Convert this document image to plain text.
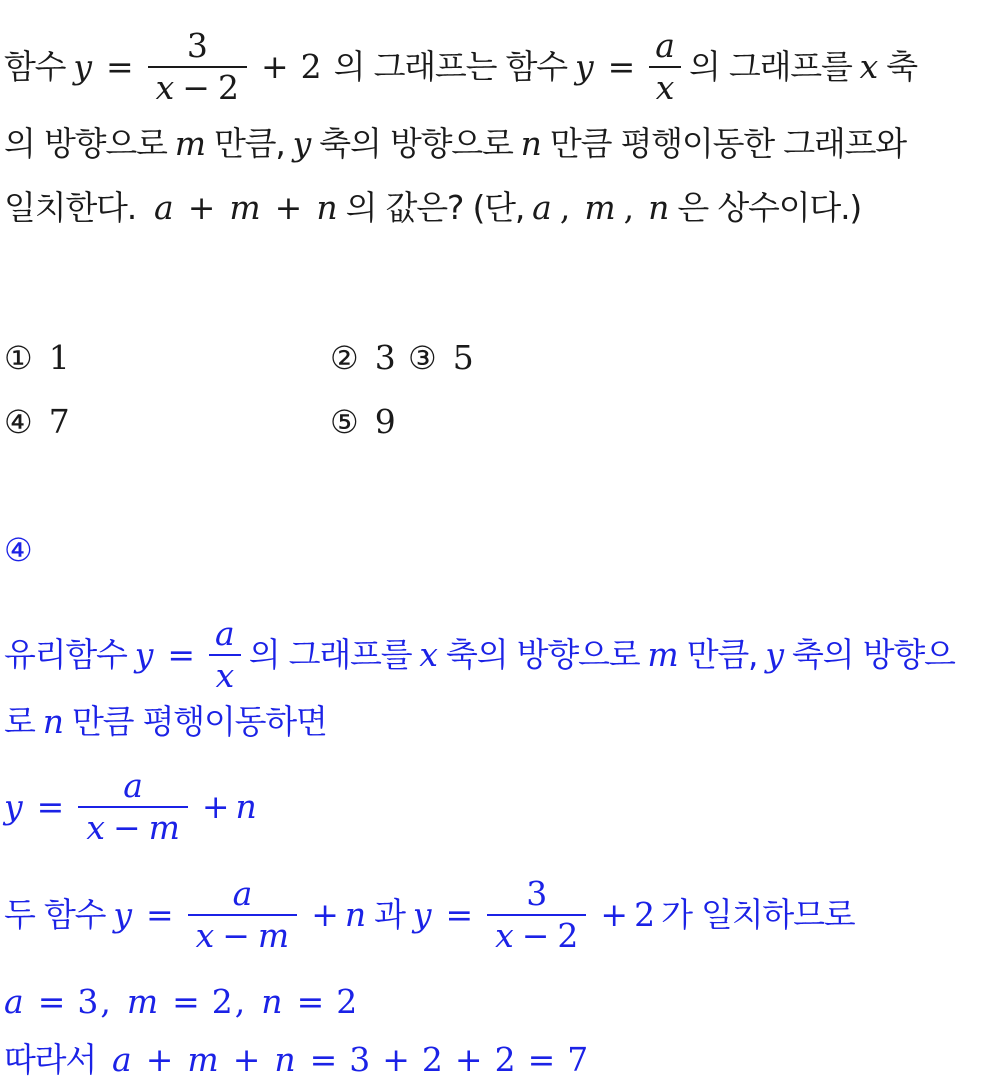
함수 $y = \frac{3}{x - 2} + 2$ 의 그래프는 함수 $y = \frac{a}{x}$ 의 그래프를 x 축
의 방향으로 m 만큼, y 축의 방향으로 n 만큼 평행이동한 그래프와
일치한다. a + m + n 의 값은? (단, a , m , n 은 상수이다.)
① 1	② 3 ③ 5
④ 7	⑤ 9
④
유리함수 $y = \frac{a}{x}$ 의 그래프를 x 축의 방향으로 m 만큼, y 축의 방향으
로 n 만큼 평행이동하면
$y = \frac{a}{x - m} + n$
두 함수 $y = \frac{a}{x - m} + n$ 과 $y = \frac{3}{x - 2} + 2$ 가 일치하므로
a = 3 , m = 2 , n = 2
따라서 a + m + n = 3 + 2 + 2 = 7
